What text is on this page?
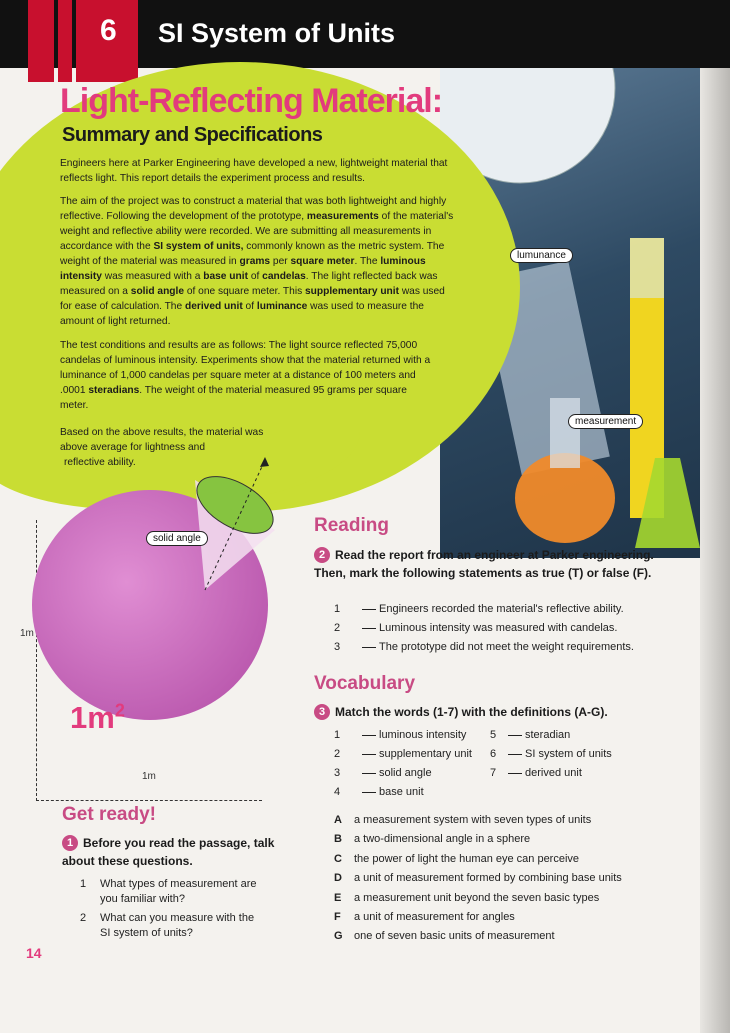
6 SI System of Units
Light-Reflecting Material:
Summary and Specifications

Engineers here at Parker Engineering have developed a new, lightweight material that reflects light. This report details the experiment process and results.

The aim of the project was to construct a material that was both lightweight and highly reflective. Following the development of the prototype, measurements of the material's weight and reflective ability were recorded. We are submitting all measurements in accordance with the SI system of units, commonly known as the metric system. The weight of the material was measured in grams per square meter. The luminous intensity was measured with a base unit of candelas. The light reflected back was measured on a solid angle of one square meter. This supplementary unit was used for ease of calculation. The derived unit of luminance was used to measure the amount of light returned.

The test conditions and results are as follows: The light source reflected 75,000 candelas of luminous intensity. Experiments show that the material returned with a luminance of 1,000 candelas per square meter at a distance of 100 meters and .0001 steradians. The weight of the material measured 95 grams per square meter.

Based on the above results, the material was
above average for lightness and
reflective ability.

solid angle
1m
1m
$1m^2$
lumunance
measurement
Reading
2 Read the report from an engineer at Parker engineering. Then, mark the following statements as true (T) or false (F).
1	Engineers recorded the material's reflective ability.
2	Luminous intensity was measured with candelas.
3	The prototype did not meet the weight requirements.
Vocabulary
3 Match the words (1-7) with the definitions (A-G).
1	luminous intensity
2	supplementary unit
3	solid angle
4	base unit
5	steradian
6	SI system of units
7	derived unit
A a measurement system with seven types of units
B a two-dimensional angle in a sphere
C the power of light the human eye can perceive
D a unit of measurement formed by combining base units
E a measurement unit beyond the seven basic types
F a unit of measurement for angles
G one of seven basic units of measurement
Get ready!
1 Before you read the passage, talk about these questions.
1	What types of measurement are you familiar with?
2	What can you measure with the SI system of units?
14
